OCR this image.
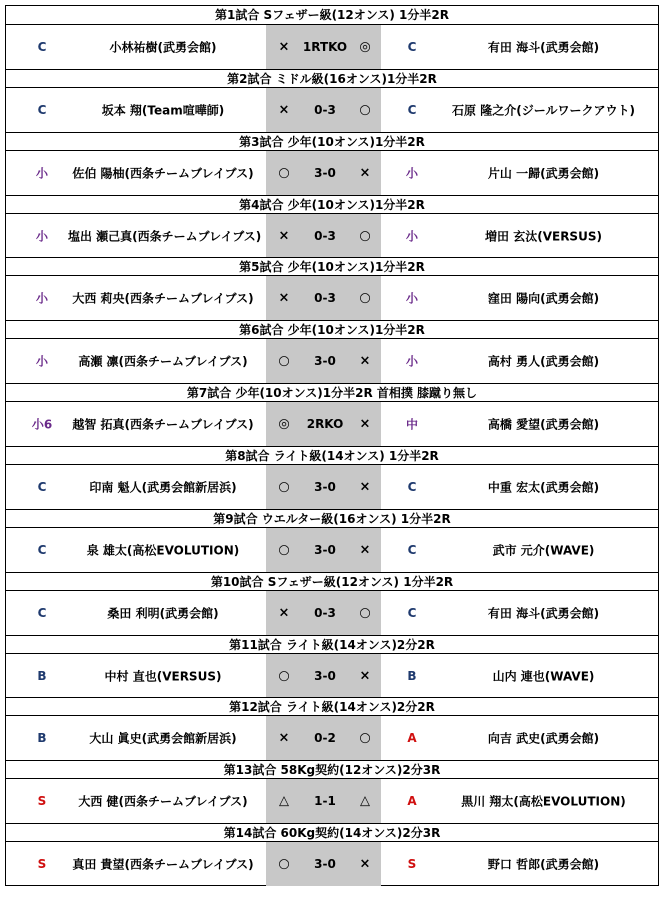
第1試合 Sフェザー級(12オンス) 1分半2R
C	小林祐樹(武勇会館)	×	1RTKO ◎	C	有田 海斗(武勇会館)
第2試合 ミドル級(16オンス)1分半2R
C	坂本 翔(Team喧嘩師)	×	0-3	○	C	石原 隆之介(ジールワークアウト)
第3試合 少年(10オンス)1分半2R
小	佐伯 陽柚(西条チームブレイブス)	○	3-0	×	小	片山 一歸(武勇会館)
第4試合 少年(10オンス)1分半2R
小	塩出 瀬己真(西条チームブレイブス)	×	0-3	○	小	増田 玄汰(VERSUS)
第5試合 少年(10オンス)1分半2R
小	大西 莉央(西条チームブレイブス)	×	0-3	○	小	窪田 陽向(武勇会館)
第6試合 少年(10オンス)1分半2R
小	高瀬 凛(西条チームブレイブス)	○	3-0	×	小	高村 勇人(武勇会館)
第7試合 少年(10オンス)1分半2R 首相撲 膝蹴り無し
小6	越智 拓真(西条チームブレイブス)	◎	2RKO	×	中	高橋 愛望(武勇会館)
第8試合 ライト級(14オンス) 1分半2R
C	印南 魁人(武勇会館新居浜)	○	3-0	×	C	中重 宏太(武勇会館)
第9試合 ウエルター級(16オンス) 1分半2R
C	泉 雄太(高松EVOLUTION)	○	3-0	×	C	武市 元介(WAVE)
第10試合 Sフェザー級(12オンス) 1分半2R
C	桑田 利明(武勇会館)	×	0-3	○	C	有田 海斗(武勇会館)
第11試合 ライト級(14オンス)2分2R
B	中村 直也(VERSUS)	○	3-0	×	B	山内 連也(WAVE)
第12試合 ライト級(14オンス)2分2R
B	大山 眞史(武勇会館新居浜)	×	0-2	○	A	向吉 武史(武勇会館)
第13試合 58Kg契約(12オンス)2分3R
S	大西 健(西条チームブレイブス)	△	1-1	△	A	黒川 翔太(高松EVOLUTION)
第14試合 60Kg契約(14オンス)2分3R
S	真田 貴望(西条チームブレイブス)	○	3-0	×	S	野口 哲郎(武勇会館)
